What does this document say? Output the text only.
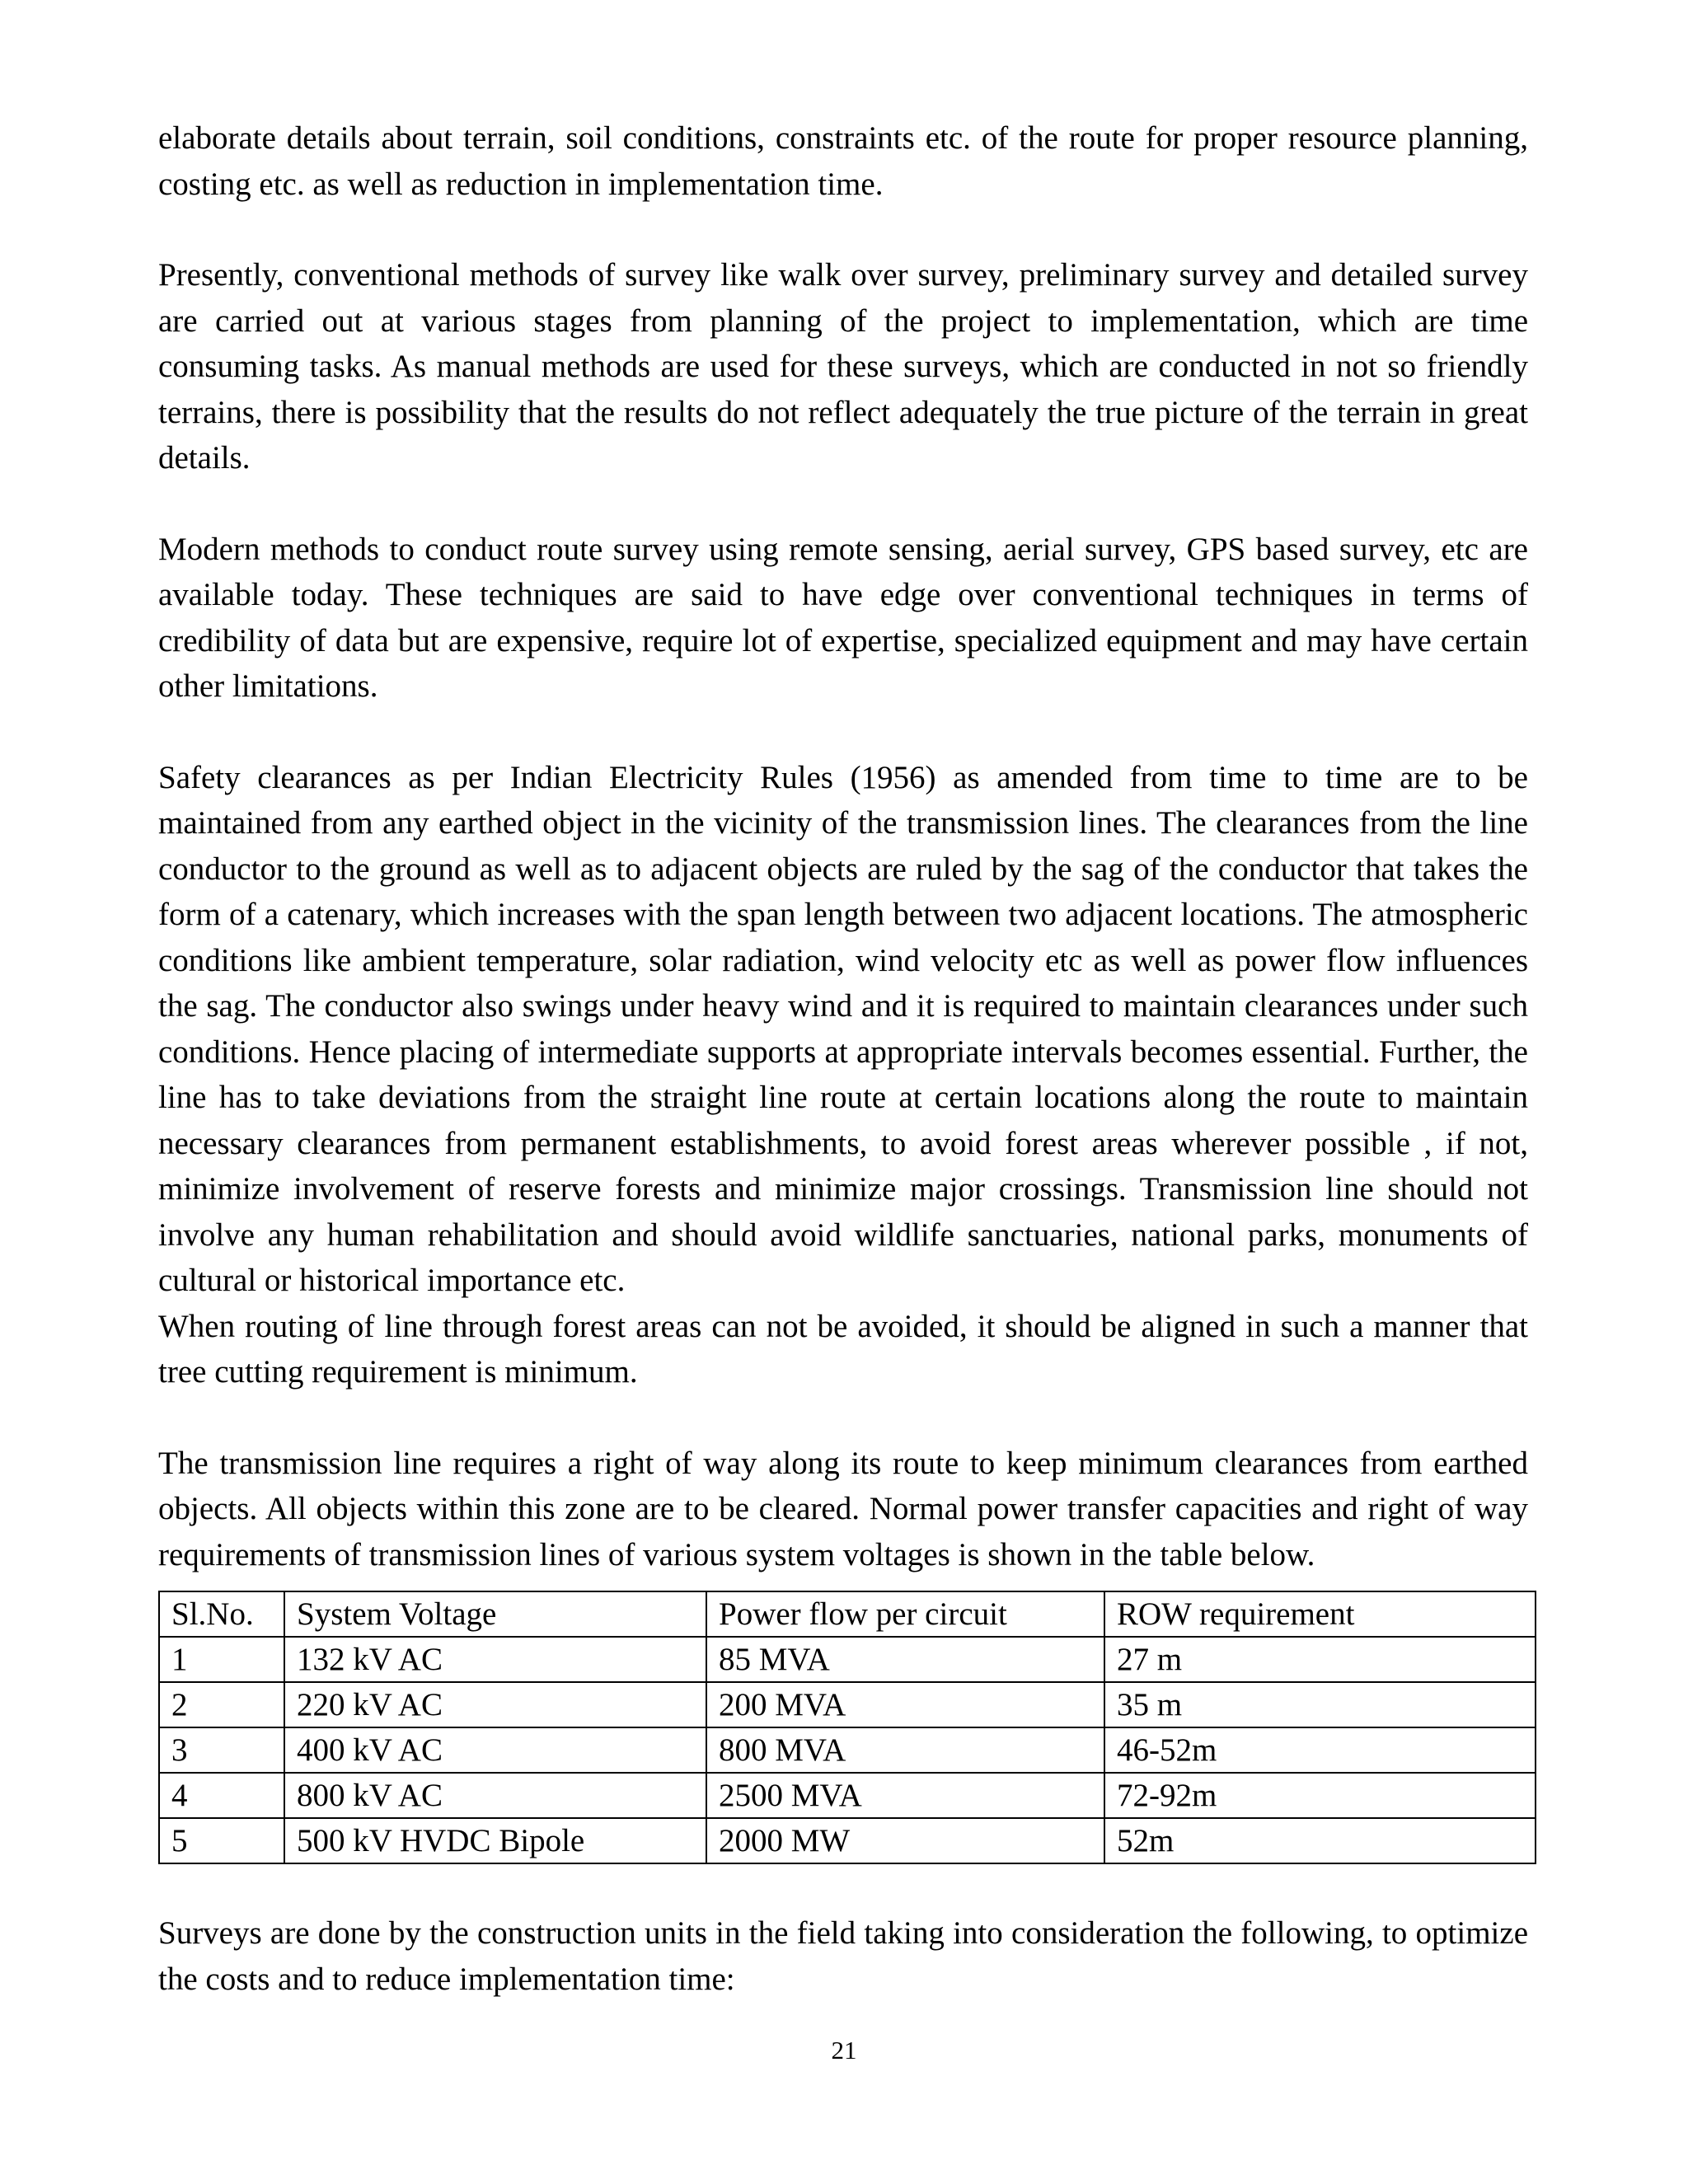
elaborate details about terrain, soil conditions, constraints etc. of the route for proper resource planning, costing etc. as well as reduction in implementation time.

Presently, conventional methods of survey like walk over survey, preliminary survey and detailed survey are carried out at various stages from planning of the project to implementation, which are time consuming tasks. As manual methods are used for these surveys, which are conducted in not so friendly terrains, there is possibility that the results do not reflect adequately the true picture of the terrain in great details.

Modern methods to conduct route survey using remote sensing, aerial survey, GPS based survey, etc are available today. These techniques are said to have edge over conventional techniques in terms of credibility of data but are expensive, require lot of expertise, specialized equipment and may have certain other limitations.

Safety clearances as per Indian Electricity Rules (1956) as amended from time to time are to be maintained from any earthed object in the vicinity of the transmission lines. The clearances from the line conductor to the ground as well as to adjacent objects are ruled by the sag of the conductor that takes the form of a catenary, which increases with the span length between two adjacent locations. The atmospheric conditions like ambient temperature, solar radiation, wind velocity etc as well as power flow influences the sag. The conductor also swings under heavy wind and it is required to maintain clearances under such conditions. Hence placing of intermediate supports at appropriate intervals becomes essential. Further, the line has to take deviations from the straight line route at certain locations along the route to maintain necessary clearances from permanent establishments, to avoid forest areas wherever possible , if not, minimize involvement of reserve forests and minimize major crossings. Transmission line should not involve any human rehabilitation and should avoid wildlife sanctuaries, national parks, monuments of cultural or historical importance etc.

When routing of line through forest areas can not be avoided, it should be aligned in such a manner that tree cutting requirement is minimum.

The transmission line requires a right of way along its route to keep minimum clearances from earthed objects. All objects within this zone are to be cleared. Normal power transfer capacities and right of way requirements of transmission lines of various system voltages is shown in the table below.

Sl.No.	System Voltage	Power flow per circuit	ROW requirement
1	132 kV AC	85 MVA	27 m
2	220 kV AC	200 MVA	35 m
3	400 kV AC	800 MVA	46-52m
4	800 kV AC	2500 MVA	72-92m
5	500 kV HVDC Bipole	2000 MW	52m

Surveys are done by the construction units in the field taking into consideration the following, to optimize the costs and to reduce implementation time:

21
